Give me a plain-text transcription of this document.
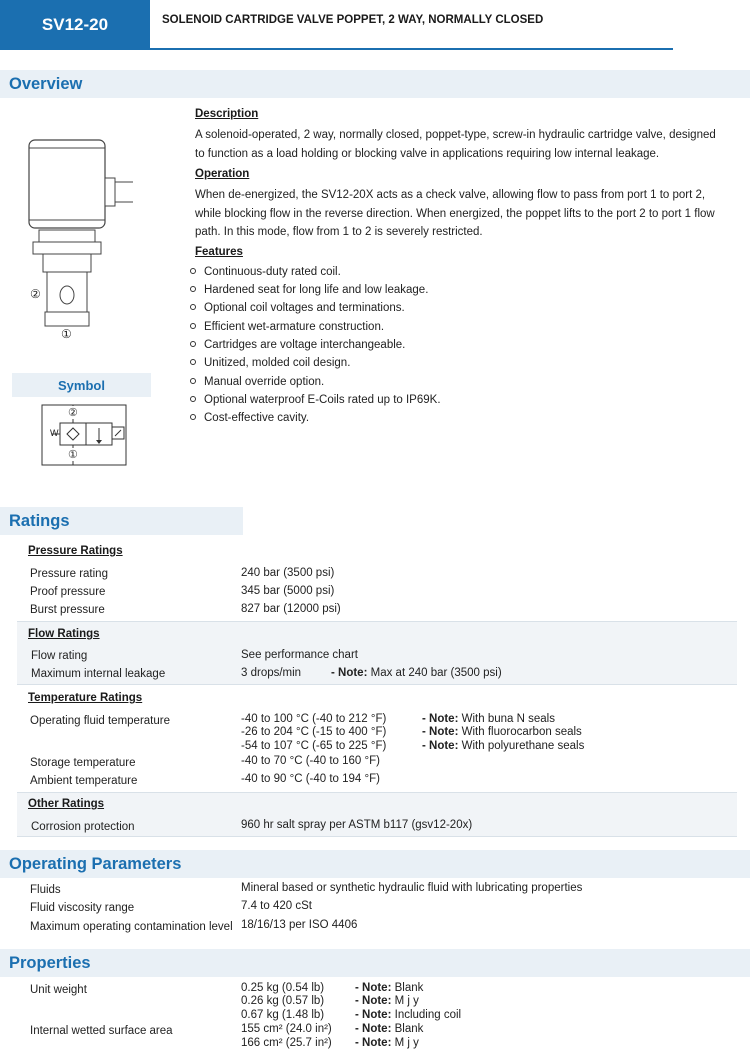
SV12-20	SOLENOID CARTRIDGE VALVE POPPET, 2 WAY, NORMALLY CLOSED
Overview
②
①
Symbol
②
①
W
Description
A solenoid-operated, 2 way, normally closed, poppet-type, screw-in hydraulic cartridge valve, designed
to function as a load holding or blocking valve in applications requiring low internal leakage.
Operation
When de-energized, the SV12-20X acts as a check valve, allowing flow to pass from port 1 to port 2,
while blocking flow in the reverse direction. When energized, the poppet lifts to the port 2 to port 1 flow
path. In this mode, flow from 1 to 2 is severely restricted.
Features
Continuous-duty rated coil.
Hardened seat for long life and low leakage.
Optional coil voltages and terminations.
Efficient wet-armature construction.
Cartridges are voltage interchangeable.
Unitized, molded coil design.
Manual override option.
Optional waterproof E-Coils rated up to IP69K.
Cost-effective cavity.
Ratings
Pressure Ratings
Pressure rating	240 bar (3500 psi)
Proof pressure	345 bar (5000 psi)
Burst pressure	827 bar (12000 psi)
Flow Ratings
Flow rating	See performance chart
Maximum internal leakage	3 drops/min	- Note: Max at 240 bar (3500 psi)
Temperature Ratings
Operating fluid temperature	-40 to 100 °C (-40 to 212 °F)	- Note: With buna N seals
-26 to 204 °C (-15 to 400 °F)	- Note: With fluorocarbon seals
-54 to 107 °C (-65 to 225 °F)	- Note: With polyurethane seals
Storage temperature	-40 to 70 °C (-40 to 160 °F)
Ambient temperature	-40 to 90 °C (-40 to 194 °F)
Other Ratings
Corrosion protection	960 hr salt spray per ASTM b117 (gsv12-20x)
Operating Parameters
Fluids	Mineral based or synthetic hydraulic fluid with lubricating properties
Fluid viscosity range	7.4 to 420 cSt
Maximum operating contamination level 18/16/13 per ISO 4406
Properties
Unit weight	0.25 kg (0.54 lb)	- Note: Blank
0.26 kg (0.57 lb)	- Note: M j y
0.67 kg (1.48 lb)	- Note: Including coil
Internal wetted surface area	155 cm² (24.0 in²) - Note: Blank
166 cm² (25.7 in²) - Note: M j y
